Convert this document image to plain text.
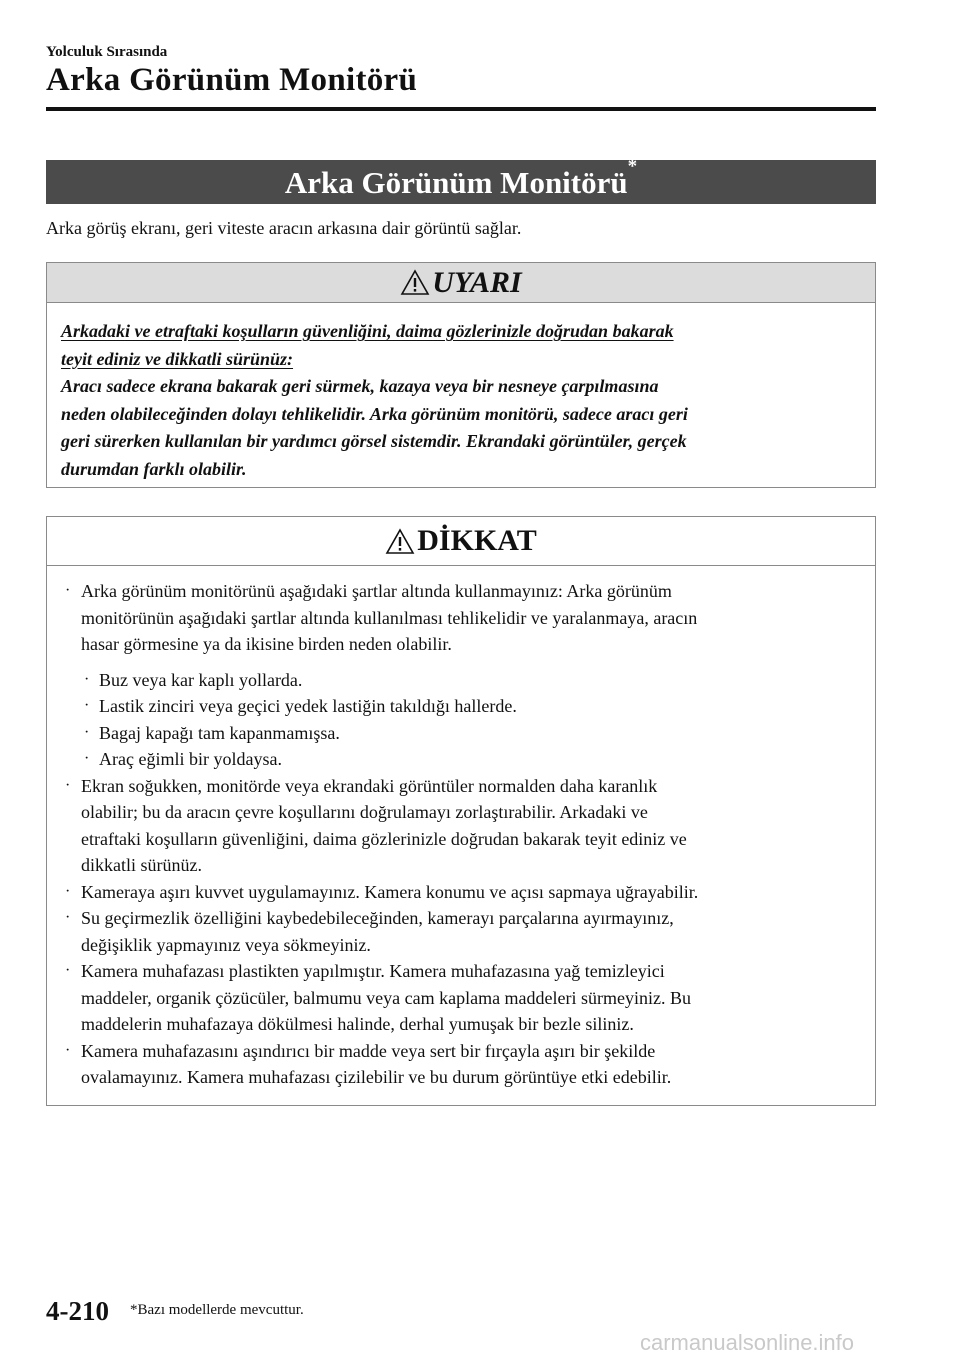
Yolculuk Sırasında
Arka Görünüm Monitörü
Arka Görünüm Monitörü*
Arka görüş ekranı, geri viteste aracın arkasına dair görüntü sağlar.
UYARI
Arkadaki ve etraftaki koşulların güvenliğini, daima gözlerinizle doğrudan bakarak
teyit ediniz ve dikkatli sürünüz:
Aracı sadece ekrana bakarak geri sürmek, kazaya veya bir nesneye çarpılmasına
neden olabileceğinden dolayı tehlikelidir. Arka görünüm monitörü, sadece aracı geri
geri sürerken kullanılan bir yardımcı görsel sistemdir. Ekrandaki görüntüler, gerçek
durumdan farklı olabilir.
DİKKAT
· Arka görünüm monitörünü aşağıdaki şartlar altında kullanmayınız: Arka görünüm
monitörünün aşağıdaki şartlar altında kullanılması tehlikelidir ve yaralanmaya, aracın
hasar görmesine ya da ikisine birden neden olabilir.
· Buz veya kar kaplı yollarda.
· Lastik zinciri veya geçici yedek lastiğin takıldığı hallerde.
· Bagaj kapağı tam kapanmamışsa.
· Araç eğimli bir yoldaysa.
· Ekran soğukken, monitörde veya ekrandaki görüntüler normalden daha karanlık
olabilir; bu da aracın çevre koşullarını doğrulamayı zorlaştırabilir. Arkadaki ve
etraftaki koşulların güvenliğini, daima gözlerinizle doğrudan bakarak teyit ediniz ve
dikkatli sürünüz.
· Kameraya aşırı kuvvet uygulamayınız. Kamera konumu ve açısı sapmaya uğrayabilir.
· Su geçirmezlik özelliğini kaybedebileceğinden, kamerayı parçalarına ayırmayınız,
değişiklik yapmayınız veya sökmeyiniz.
· Kamera muhafazası plastikten yapılmıştır. Kamera muhafazasına yağ temizleyici
maddeler, organik çözücüler, balmumu veya cam kaplama maddeleri sürmeyiniz. Bu
maddelerin muhafazaya dökülmesi halinde, derhal yumuşak bir bezle siliniz.
· Kamera muhafazasını aşındırıcı bir madde veya sert bir fırçayla aşırı bir şekilde
ovalamayınız. Kamera muhafazası çizilebilir ve bu durum görüntüye etki edebilir.
4-210 *Bazı modellerde mevcuttur.
carmanualsonline.info
